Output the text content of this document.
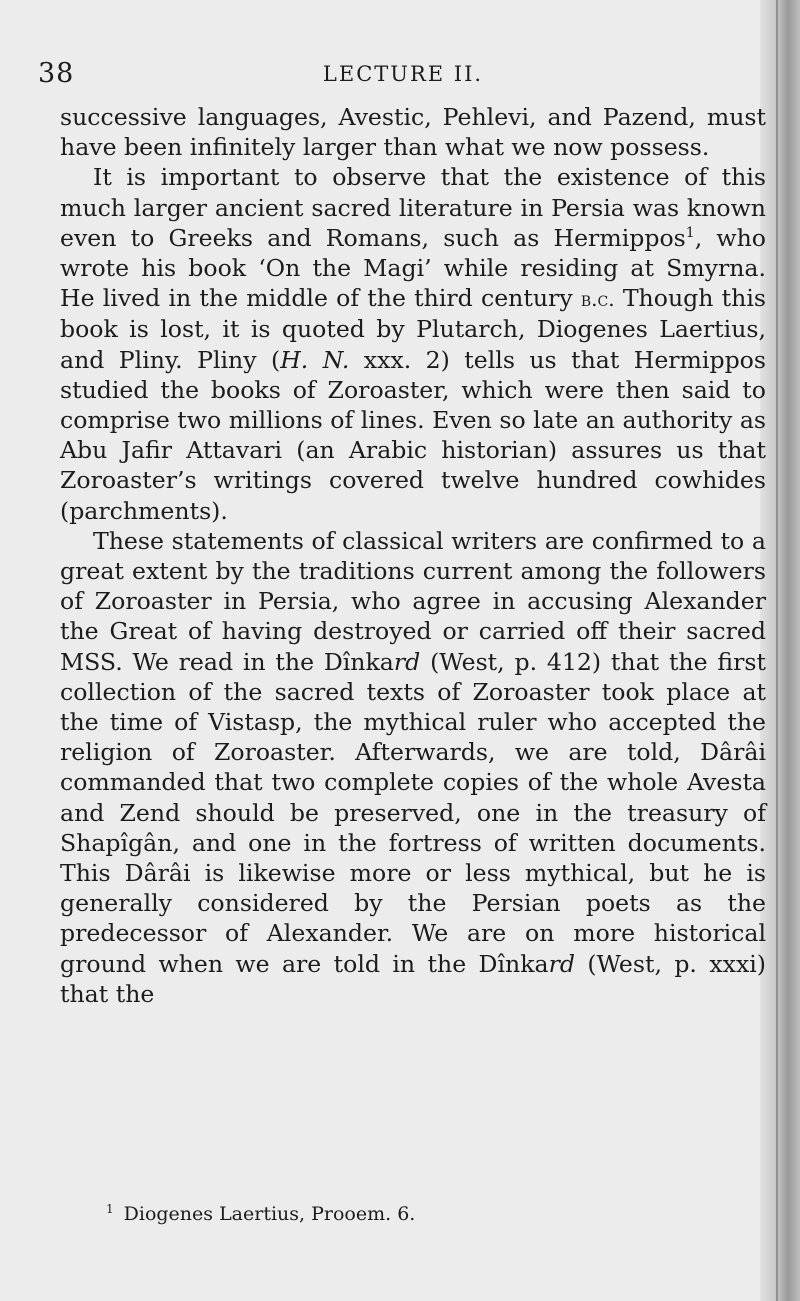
38	LECTURE II.

successive languages, Avestic, Pehlevi, and Pazend, must have been infinitely larger than what we now possess.

It is important to observe that the existence of this much larger ancient sacred literature in Persia was known even to Greeks and Romans, such as Hermippos$^1$, who wrote his book ‘On the Magi’ while residing at Smyrna. He lived in the middle of the third century b.c. Though this book is lost, it is quoted by Plutarch, Diogenes Laertius, and Pliny. Pliny (H. N. xxx. 2) tells us that Hermippos studied the books of Zoroaster, which were then said to comprise two millions of lines. Even so late an authority as Abu Jafir Attavari (an Arabic historian) assures us that Zoroaster’s writings covered twelve hundred cowhides (parchments).

These statements of classical writers are confirmed to a great extent by the traditions current among the followers of Zoroaster in Persia, who agree in accusing Alexander the Great of having destroyed or carried off their sacred MSS. We read in the Dînkard (West, p. 412) that the first collection of the sacred texts of Zoroaster took place at the time of Vistasp, the mythical ruler who accepted the religion of Zoroaster. Afterwards, we are told, Dârâi commanded that two complete copies of the whole Avesta and Zend should be preserved, one in the treasury of Shapîgân, and one in the fortress of written documents. This Dârâi is likewise more or less mythical, but he is generally considered by the Persian poets as the predecessor of Alexander. We are on more historical ground when we are told in the Dînkard (West, p. xxxi) that the

$^1$ Diogenes Laertius, Prooem. 6.
